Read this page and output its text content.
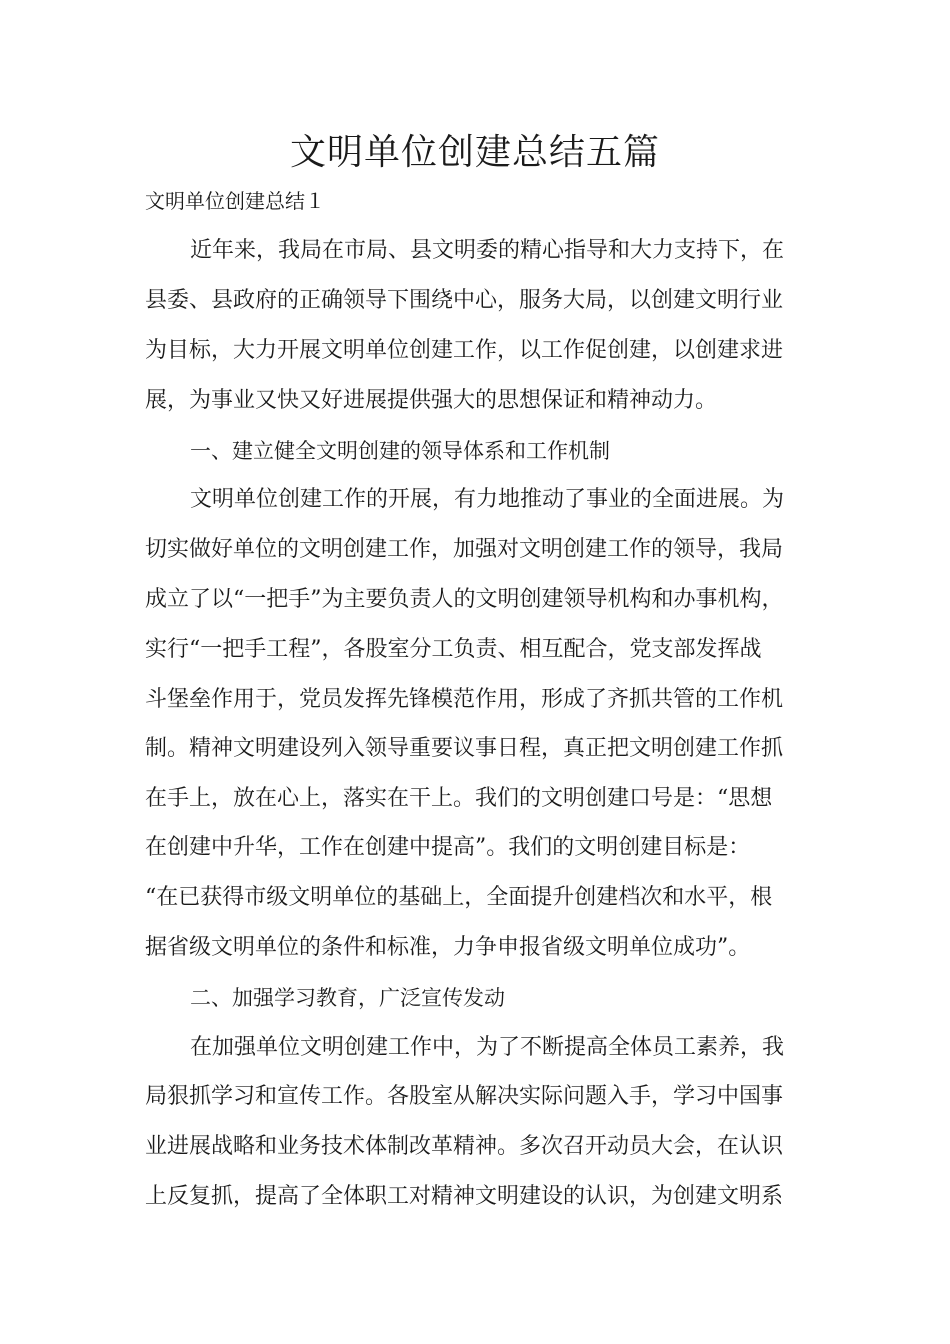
文明单位创建总结五篇

文明单位创建总结１

近年来，我局在市局、县文明委的精心指导和大力支持下，在

县委、县政府的正确领导下围绕中心，服务大局，以创建文明行业

为目标，大力开展文明单位创建工作，以工作促创建，以创建求进

展，为事业又快又好进展提供强大的思想保证和精神动力。

一、建立健全文明创建的领导体系和工作机制

文明单位创建工作的开展，有力地推动了事业的全面进展。为

切实做好单位的文明创建工作，加强对文明创建工作的领导，我局

成立了以“一把手”为主要负责人的文明创建领导机构和办事机构，

实行“一把手工程”，各股室分工负责、相互配合，党支部发挥战

斗堡垒作用于，党员发挥先锋模范作用，形成了齐抓共管的工作机

制。精神文明建设列入领导重要议事日程，真正把文明创建工作抓

在手上，放在心上，落实在干上。我们的文明创建口号是：“思想

在创建中升华，工作在创建中提高”。我们的文明创建目标是：

“在已获得市级文明单位的基础上，全面提升创建档次和水平，根

据省级文明单位的条件和标准，力争申报省级文明单位成功”。

二、加强学习教育，广泛宣传发动

在加强单位文明创建工作中，为了不断提高全体员工素养，我

局狠抓学习和宣传工作。各股室从解决实际问题入手，学习中国事

业进展战略和业务技术体制改革精神。多次召开动员大会，在认识

上反复抓，提高了全体职工对精神文明建设的认识，为创建文明系
